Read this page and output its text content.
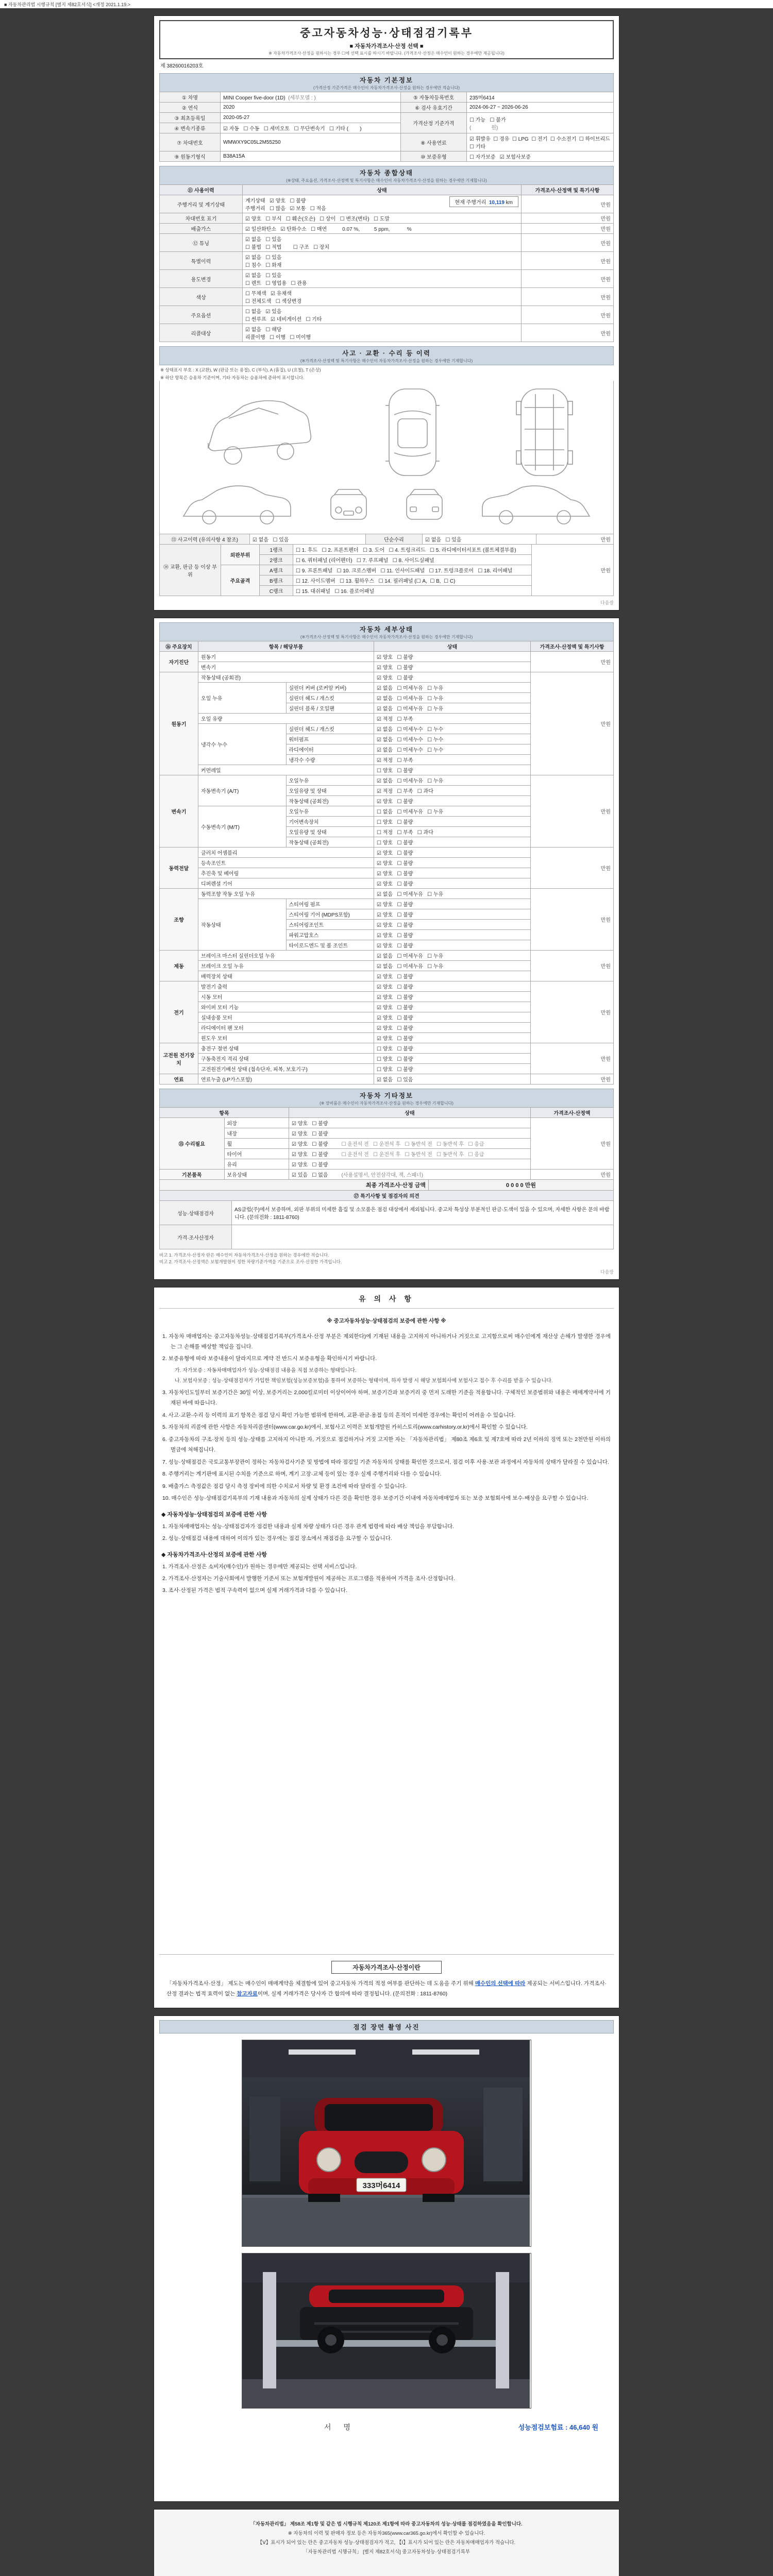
■ 자동차관리법 시행규칙 [별지 제82호서식] <개정 2021.1.19.>
중고자동차성능·상태점검기록부
■ 자동차가격조사·산정 선택 ■
※ 자동차가격조사·산정을 원하시는 경우 ☐에 선택 표시를 하시기 바랍니다. (가격조사·산정은 매수인이 원하는 경우에만 제공됩니다)
제 38260016203호
자동차 기본정보
(가격산정 기준가격은 매수인이 자동차가격조사·산정을 원하는 경우에만 적습니다)
① 차명	MINI Cooper five-door (1D) (세부모델 : )	⑤ 자동차등록번호	235머6414
② 연식	2020	⑥ 검사 유효기간	2024-06-27 ~ 2026-06-26
③ 최초등록일	2020-05-27	가격산정 기준가격	☐ 가능   ☐ 불가
(              원)
④ 변속기종류	☑ 자동   ☐ 수동   ☐ 세미오토   ☐ 무단변속기   ☐ 기타 (        )		
⑦ 차대번호	WMWXY9C05L2M55250	⑧ 사용연료	☑ 휘발유  ☐ 경유  ☐ LPG  ☐ 전기  ☐ 수소전기  ☐ 하이브리드  ☐ 기타
⑨ 원동기형식	B38A15A	⑩ 보증유형	☐ 자가보증   ☑ 보험사보증
자동차 종합상태
(※상태, 주요옵션, 가격조사·산정액 및 특기사항은 매수인이 자동차가격조사·산정을 원하는 경우에만 기재합니다)
⑪ 사용이력	상태	가격조사·산정액 및 특기사항
주행거리 및 계기상태	현재 주행거리  10,119 km
계기상태   ☑ 양호   ☐ 불량
주행거리   ☐ 많음   ☑ 보통   ☐ 적음	만원
차대번호 표기	☑ 양호   ☐ 부식   ☐ 훼손(오손)   ☐ 상이   ☐ 변조(변타)   ☐ 도말	만원
배출가스	☑ 일산화탄소   ☑ 탄화수소   ☐ 매연 0.07 %,          5 ppm,            %	만원
⑫ 튜닝	☑ 없음   ☐ 있음
☐ 불법   ☐ 적법        ☐ 구조   ☐ 장치	만원
특별이력	☑ 없음   ☐ 있음
☐ 침수   ☐ 화재	만원
용도변경	☑ 없음   ☐ 있음
☐ 렌트   ☐ 영업용   ☐ 관용	만원
색상	☐ 무채색   ☑ 유채색
☐ 전체도색   ☐ 색상변경	만원
주요옵션	☐ 없음   ☑ 있음
☐ 썬루프   ☑ 네비게이션   ☐ 기타	만원
리콜대상	☑ 없음   ☐ 해당
리콜이행   ☐ 이행   ☐ 미이행	만원
사고 · 교환 · 수리 등 이력
(※가격조사·산정액 및 특기사항은 매수인이 자동차가격조사·산정을 원하는 경우에만 기재합니다)
※ 상태표시 부호 : X (교환), W (판금 또는 용접), C (부식), A (흠집), U (요철), T (손상)
※ 하단 항목은 승용차 기준이며, 기타 자동차는 승용차에 준하여 표시합니다.
⑬ 사고이력 (유의사항 4 참조)	☑ 없음   ☐ 있음	단순수리	☑ 없음   ☐ 있음	만원
⑭ 교환, 판금 등 이상 부위	외판부위	1랭크	☐ 1. 후드   ☐ 2. 프론트펜더   ☐ 3. 도어   ☐ 4. 트렁크리드   ☐ 5. 라디에이터서포트 (볼트체결부품)	만원
		2랭크	☐ 6. 쿼터패널 (리어펜더)   ☐ 7. 루프패널   ☐ 8. 사이드실패널	
	주요골격	A랭크	☐ 9. 프론트패널   ☐ 10. 크로스멤버   ☐ 11. 인사이드패널   ☐ 17. 트렁크플로어   ☐ 18. 리어패널	
		B랭크	☐ 12. 사이드멤버   ☐ 13. 휠하우스   ☐ 14. 필러패널 (☐ A,  ☐ B,  ☐ C)	
		C랭크	☐ 15. 대쉬패널   ☐ 16. 플로어패널	
다음장
자동차 세부상태
(※가격조사·산정액 및 특기사항은 매수인이 자동차가격조사·산정을 원하는 경우에만 기재합니다)
⑯ 주요장치	항목 / 해당부품		상태	가격조사·산정액 및 특기사항
자기진단	원동기		☑ 양호   ☐ 불량	만원
	변속기		☑ 양호   ☐ 불량	
원동기	작동상태 (공회전)		☑ 양호   ☐ 불량	만원
	오일 누유	실린더 커버 (로커암 커버)	☑ 없음   ☐ 미세누유   ☐ 누유	
		실린더 헤드 / 개스킷	☑ 없음   ☐ 미세누유   ☐ 누유	
		실린더 블록 / 오일팬	☑ 없음   ☐ 미세누유   ☐ 누유	
	오일 유량		☑ 적정   ☐ 부족	
	냉각수 누수	실린더 헤드 / 개스킷	☑ 없음   ☐ 미세누수   ☐ 누수	
		워터펌프	☑ 없음   ☐ 미세누수   ☐ 누수	
		라디에이터	☑ 없음   ☐ 미세누수   ☐ 누수	
		냉각수 수량	☑ 적정   ☐ 부족	
	커먼레일		☐ 양호   ☐ 불량	
변속기	자동변속기 (A/T)	오일누유	☑ 없음   ☐ 미세누유   ☐ 누유	만원
		오일유량 및 상태	☑ 적정   ☐ 부족   ☐ 과다	
		작동상태 (공회전)	☑ 양호   ☐ 불량	
	수동변속기 (M/T)	오일누유	☐ 없음   ☐ 미세누유   ☐ 누유	
		기어변속장치	☐ 양호   ☐ 불량	
		오일유량 및 상태	☐ 적정   ☐ 부족   ☐ 과다	
		작동상태 (공회전)	☐ 양호   ☐ 불량	
동력전달	클러치 어셈블리		☑ 양호   ☐ 불량	만원
	등속조인트		☑ 양호   ☐ 불량	
	추진축 및 베어링		☑ 양호   ☐ 불량	
	디퍼렌셜 기어		☑ 양호   ☐ 불량	
조향	동력조향 작동 오일 누유		☑ 없음   ☐ 미세누유   ☐ 누유	만원
	작동상태	스티어링 펌프	☑ 양호   ☐ 불량	
		스티어링 기어 (MDPS포함)	☑ 양호   ☐ 불량	
		스티어링조인트	☑ 양호   ☐ 불량	
		파워고압호스	☑ 양호   ☐ 불량	
		타이로드엔드 및 볼 조인트	☑ 양호   ☐ 불량	
제동	브레이크 마스터 실린더오일 누유		☑ 없음   ☐ 미세누유   ☐ 누유	만원
	브레이크 오일 누유		☑ 없음   ☐ 미세누유   ☐ 누유	
	배력장치 상태		☑ 양호   ☐ 불량	
전기	발전기 출력		☑ 양호   ☐ 불량	만원
	시동 모터		☑ 양호   ☐ 불량	
	와이퍼 모터 기능		☑ 양호   ☐ 불량	
	실내송풍 모터		☑ 양호   ☐ 불량	
	라디에이터 팬 모터		☑ 양호   ☐ 불량	
	윈도우 모터		☑ 양호   ☐ 불량	
고전원 전기장치	충전구 절연 상태		☐ 양호   ☐ 불량	만원
	구동축전지 격리 상태		☐ 양호   ☐ 불량	
	고전원전기배선 상태 (접속단자, 피복, 보호기구)		☐ 양호   ☐ 불량	
연료	연료누출 (LP가스포함)		☑ 없음   ☐ 있음	만원
자동차 기타정보
(※ 장비품은 매수인이 자동차가격조사·산정을 원하는 경우에만 기재합니다)
항목		상태	가격조사·산정액
⑮ 수리필요	외장	☑ 양호   ☐ 불량	만원
	내장	☑ 양호   ☐ 불량	
	휠	☑ 양호   ☐ 불량 ☐ 운전석 전   ☐ 운전석 후   ☐ 동반석 전   ☐ 동반석 후   ☐ 응급	
	타이어	☑ 양호   ☐ 불량 ☐ 운전석 전   ☐ 운전석 후   ☐ 동반석 전   ☐ 동반석 후   ☐ 응급	
	유리	☑ 양호   ☐ 불량	
기본품목	보유상태	☑ 있음   ☐ 없음 (사용설명서, 안전삼각대, 잭, 스패너)	만원
최종 가격조사·산정 금액	0 0 0 0 만원
⑰ 특기사항 및 점검자의 의견	
성능·상태점검자	AS클럽(주)에서 보증하며, 외판 부위의 미세한 흠집 및 소모품은 점검 대상에서 제외됩니다. 중고차 특성상 부분적인 판금·도색이 있을 수 있으며, 자세한 사항은 문의 바랍니다. (문의전화 : 1811-8760)
가격·조사산정자	
비고 1. 가격조사·산정자 란은 매수인이 자동차가격조사·산정을 원하는 경우에만 적습니다.
비고 2. 가격조사·산정액은 보험개발원이 정한 차량기준가액을 기준으로 조사·산정한 가격입니다.
다음장
유 의 사 항
※ 중고자동차성능·상태점검의 보증에 관한 사항 ※
1. 자동차 매매업자는 중고자동차성능·상태점검기록부(가격조사·산정 부분은 제외한다)에 기재된 내용을 고지하지 아니하거나 거짓으로 고지함으로써 매수인에게 재산상 손해가 발생한 경우에는 그 손해를 배상할 책임을 집니다.
2. 보증유형에 따라 보증내용이 달라지므로 계약 전 반드시 보증유형을 확인하시기 바랍니다.
가. 자가보증 : 자동차매매업자가 성능·상태점검 내용을 직접 보증하는 형태입니다.
나. 보험사보증 : 성능·상태점검자가 가입한 책임보험(성능보증보험)을 통하여 보증하는 형태이며, 하자 발생 시 해당 보험회사에 보험사고 접수 후 수리를 받을 수 있습니다.
3. 자동차인도일부터 보증기간은 30일 이상, 보증거리는 2,000킬로미터 이상이어야 하며, 보증기간과 보증거리 중 먼저 도래한 기준을 적용합니다. 구체적인 보증범위와 내용은 매매계약서에 기재된 바에 따릅니다.
4. 사고·교환·수리 등 이력의 표기 항목은 점검 당시 확인 가능한 범위에 한하며, 교환·판금·용접 등의 흔적이 미세한 경우에는 확인이 어려울 수 있습니다.
5. 자동차의 리콜에 관한 사항은 자동차리콜센터(www.car.go.kr)에서, 보험사고 이력은 보험개발원 카히스토리(www.carhistory.or.kr)에서 확인할 수 있습니다.
6. 중고자동차의 구조·장치 등의 성능·상태를 고지하지 아니한 자, 거짓으로 점검하거나 거짓 고지한 자는 「자동차관리법」 제80조 제6호 및 제7호에 따라 2년 이하의 징역 또는 2천만원 이하의 벌금에 처해집니다.
7. 성능·상태점검은 국토교통부장관이 정하는 자동차검사기준 및 방법에 따라 점검일 기준 자동차의 상태를 확인한 것으로서, 점검 이후 사용·보관 과정에서 자동차의 상태가 달라질 수 있습니다.
8. 주행거리는 계기판에 표시된 수치를 기준으로 하며, 계기 고장·교체 등이 있는 경우 실제 주행거리와 다를 수 있습니다.
9. 배출가스 측정값은 점검 당시 측정 장비에 의한 수치로서 차량 및 환경 조건에 따라 달라질 수 있습니다.
10. 매수인은 성능·상태점검기록부의 기재 내용과 자동차의 실제 상태가 다른 것을 확인한 경우 보증기간 이내에 자동차매매업자 또는 보증 보험회사에 보수·배상을 요구할 수 있습니다.
◆ 자동차성능·상태점검의 보증에 관한 사항
1. 자동차매매업자는 성능·상태점검자가 점검한 내용과 실제 차량 상태가 다른 경우 관계 법령에 따라 배상 책임을 부담합니다.
2. 성능·상태점검 내용에 대하여 이의가 있는 경우에는 점검 장소에서 재점검을 요구할 수 있습니다.
◆ 자동차가격조사·산정의 보증에 관한 사항
1. 가격조사·산정은 소비자(매수인)가 원하는 경우에만 제공되는 선택 서비스입니다.
2. 가격조사·산정자는 기술사회에서 발행한 기준서 또는 보험개발원이 제공하는 프로그램을 적용하여 가격을 조사·산정합니다.
3. 조사·산정된 가격은 법적 구속력이 없으며 실제 거래가격과 다를 수 있습니다.
자동차가격조사·산정이란

「자동차가격조사·산정」 제도는 매수인이 매매계약을 체결함에 있어 중고자동차 가격의 적정 여부를 판단하는 데 도움을 주기 위해 매수인의 선택에 따라 제공되는 서비스입니다. 가격조사·산정 결과는 법적 효력이 없는 참고자료이며, 실제 거래가격은 당사자 간 합의에 따라 결정됩니다. (문의전화 : 1811-8760)

점검 장면 촬영 사진
333머6414
서 명	성능점검보험료 : 46,640 원
「자동차관리법」 제58조 제1항 및 같은 법 시행규칙 제120조 제1항에 따라 중고자동차의 성능·상태를 점검하였음을 확인합니다.
※ 자동차의 이력 및 판매자 정보 등은 자동차365(www.car365.go.kr)에서 확인할 수 있습니다.
【Ⅴ】표시가 되어 있는 란은 중고자동차 성능·상태점검자가 적고, 【Ⅰ】표시가 되어 있는 란은 자동차매매업자가 적습니다.
「자동차관리법 시행규칙」 [별지 제82호서식] 중고자동차성능·상태점검기록부
